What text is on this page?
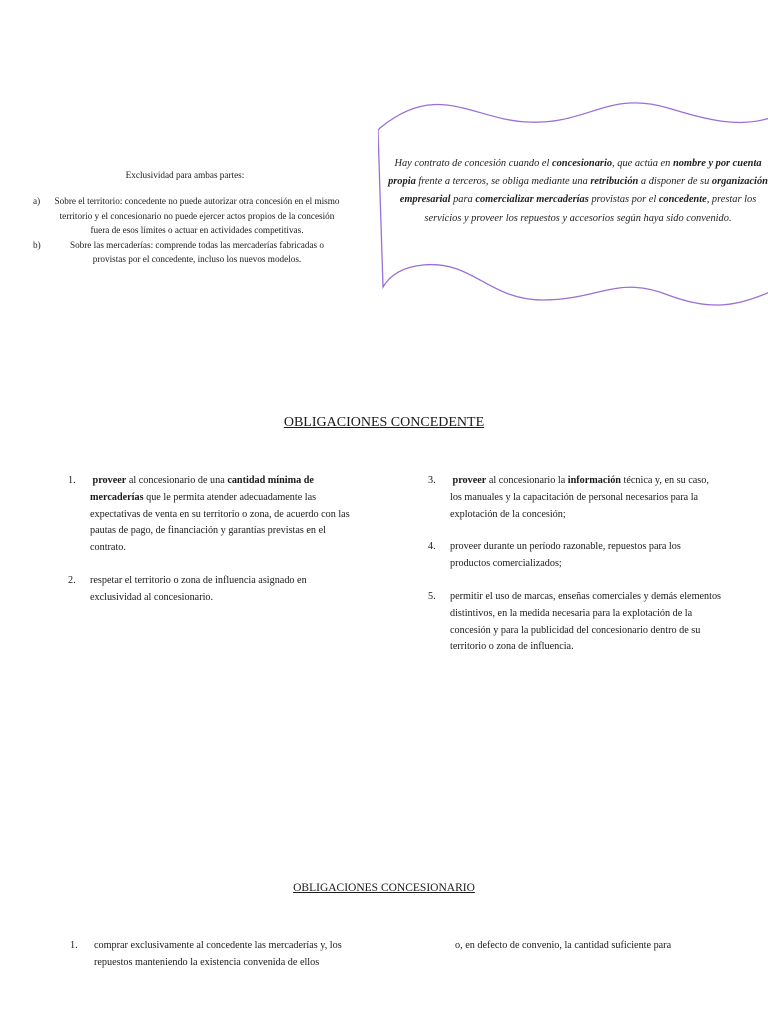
Exclusividad para ambas partes:
a) Sobre el territorio: concedente no puede autorizar otra concesión en el mismo territorio y el concesionario no puede ejercer actos propios de la concesión fuera de esos límites o actuar en actividades competitivas.
b)	Sobre las mercaderías: comprende todas las mercaderías fabricadas o provistas por el concedente, incluso los nuevos modelos.
Hay contrato de concesión cuando el concesionario, que actúa en nombre y por cuenta propia frente a terceros, se obliga mediante una retribución a disponer de su organización empresarial para comercializar mercaderías provistas por el concedente, prestar los servicios y proveer los repuestos y accesorios según haya sido convenido.
OBLIGACIONES CONCEDENTE
1. proveer al concesionario de una cantidad mínima de mercaderías que le permita atender adecuadamente las expectativas de venta en su territorio o zona, de acuerdo con las pautas de pago, de financiación y garantías previstas en el contrato.
2. respetar el territorio o zona de influencia asignado en exclusividad al concesionario.
3. proveer al concesionario la información técnica y, en su caso, los manuales y la capacitación de personal necesarios para la explotación de la concesión;
4. proveer durante un período razonable, repuestos para los productos comercializados;
5. permitir el uso de marcas, enseñas comerciales y demás elementos distintivos, en la medida necesaria para la explotación de la concesión y para la publicidad del concesionario dentro de su territorio o zona de influencia.
OBLIGACIONES CONCESIONARIO
1.	comprar exclusivamente al concedente las mercaderías y, los repuestos manteniendo la existencia convenida de ellos
o, en defecto de convenio, la cantidad suficiente para
